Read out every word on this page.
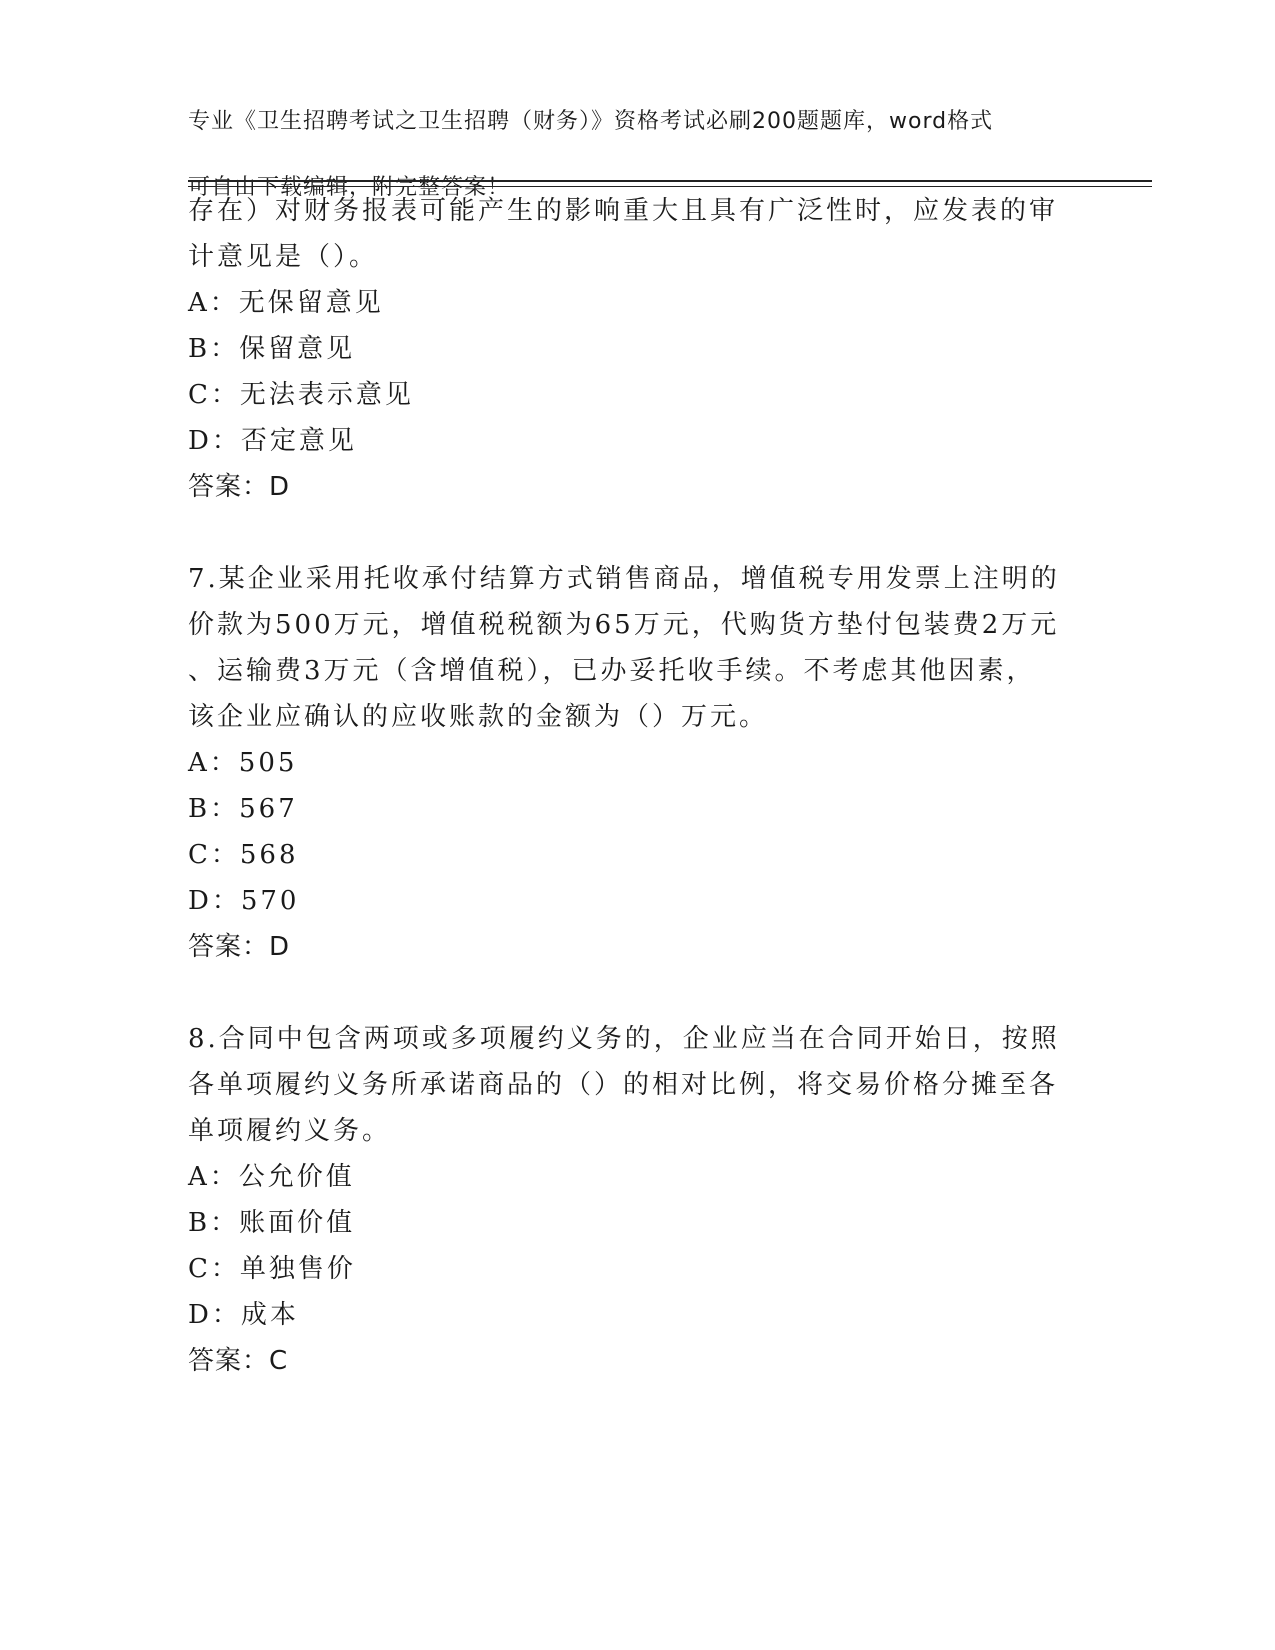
专业《卫生招聘考试之卫生招聘（财务）》资格考试必刷200题题库，word格式

可自由下载编辑，附完整答案！

存在）对财务报表可能产生的影响重大且具有广泛性时，应发表的审
计意见是（）。
A：无保留意见
B：保留意见
C：无法表示意见
D：否定意见
答案：D
7.某企业采用托收承付结算方式销售商品，增值税专用发票上注明的
价款为500万元，增值税税额为65万元，代购货方垫付包装费2万元
、运输费3万元（含增值税），已办妥托收手续。不考虑其他因素，
该企业应确认的应收账款的金额为（）万元。
A：505
B：567
C：568
D：570
答案：D
8.合同中包含两项或多项履约义务的，企业应当在合同开始日，按照
各单项履约义务所承诺商品的（）的相对比例，将交易价格分摊至各
单项履约义务。
A：公允价值
B：账面价值
C：单独售价
D：成本
答案：C
